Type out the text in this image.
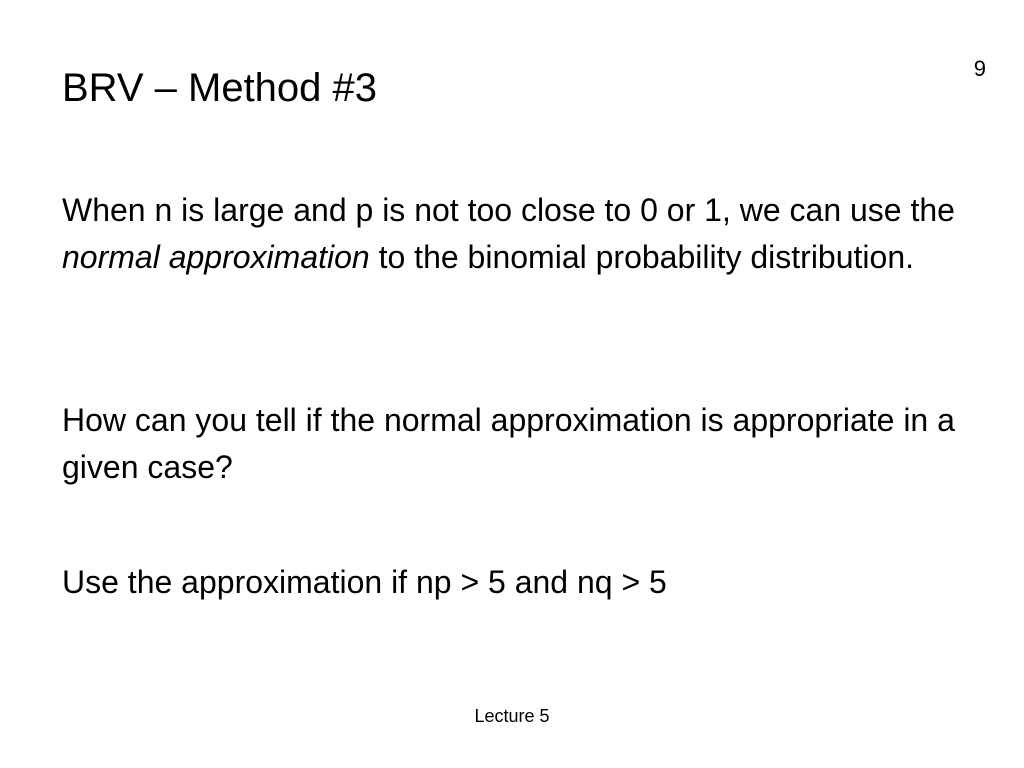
9
BRV – Method #3

When n is large and p is not too close to 0 or 1, we can use the normal approximation to the binomial probability distribution.

How can you tell if the normal approximation is appropriate in a given case?

Use the approximation if np > 5 and nq > 5

Lecture 5
